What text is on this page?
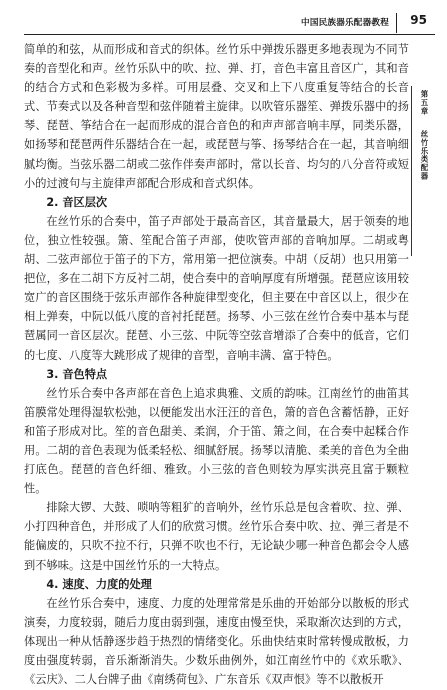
中国民族器乐配器教程 95
第五章
丝竹乐类配器

简单的和弦，从而形成和音式的织体。丝竹乐中弹拨乐器更多地表现为不同节奏的音型化和声。丝竹乐队中的吹、拉、弹、打，音色丰富且音区广，其和音的结合方式和色彩极为多样。可用层叠、交叉和上下八度重复等结合的长音式、节奏式以及各种音型和弦伴随着主旋律。以吹管乐器笙、弹拨乐器中的扬琴、琵琶、筝结合在一起而形成的混合音色的和声声部音响丰厚，同类乐器，如扬琴和琵琶两件乐器结合在一起，或琵琶与筝、扬琴结合在一起，其音响细腻均衡。当弦乐器二胡或二弦作伴奏声部时，常以长音、均匀的八分音符或短小的过渡句与主旋律声部配合形成和音式织体。

2. 音区层次

在丝竹乐的合奏中，笛子声部处于最高音区，其音量最大，居于领奏的地位，独立性较强。箫、笙配合笛子声部，使吹管声部的音响加厚。二胡或粤胡、二弦声部位于笛子的下方，常用第一把位演奏。中胡（反胡）也只用第一把位，多在二胡下方反衬二胡，使合奏中的音响厚度有所增强。琵琶应该用较宽广的音区围绕于弦乐声部作各种旋律型变化，但主要在中音区以上，很少在相上弹奏，中阮以低八度的音衬托琵琶。扬琴、小三弦在丝竹合奏中基本与琵琶属同一音区层次。琵琶、小三弦、中阮等空弦音增添了合奏中的低音，它们的七度、八度等大跳形成了规律的音型，音响丰满、富于特色。

3. 音色特点

丝竹乐合奏中各声部在音色上追求典雅、文质的韵味。江南丝竹的曲笛其笛膜常处理得湿软松弛，以便能发出水汪汪的音色，箫的音色含蓄恬静，正好和笛子形成对比。笙的音色甜美、柔润，介于笛、箫之间，在合奏中起糅合作用。二胡的音色表现为低柔轻松、细腻舒展。扬琴以清脆、柔美的音色为全曲打底色。琵琶的音色纤细、雅致。小三弦的音色则较为厚实洪亮且富于颗粒性。

排除大锣、大鼓、唢呐等粗犷的音响外，丝竹乐总是包含着吹、拉、弹、小打四种音色，并形成了人们的欣赏习惯。丝竹乐合奏中吹、拉、弹三者是不能偏废的，只吹不拉不行，只弹不吹也不行，无论缺少哪一种音色都会令人感到不够味。这是中国丝竹乐的一大特点。

4. 速度、力度的处理

在丝竹乐合奏中，速度、力度的处理常常是乐曲的开始部分以散板的形式演奏，力度较弱，随后力度由弱到强，速度由慢至快，采取渐次达到的方式，体现出一种从恬静逐步趋于热烈的情绪变化。乐曲快结束时常转慢成散板，力度由强度转弱，音乐渐渐消失。少数乐曲例外，如江南丝竹中的《欢乐歌》、《云庆》、二人台牌子曲《南绣荷包》、广东音乐《双声恨》等不以散板开
